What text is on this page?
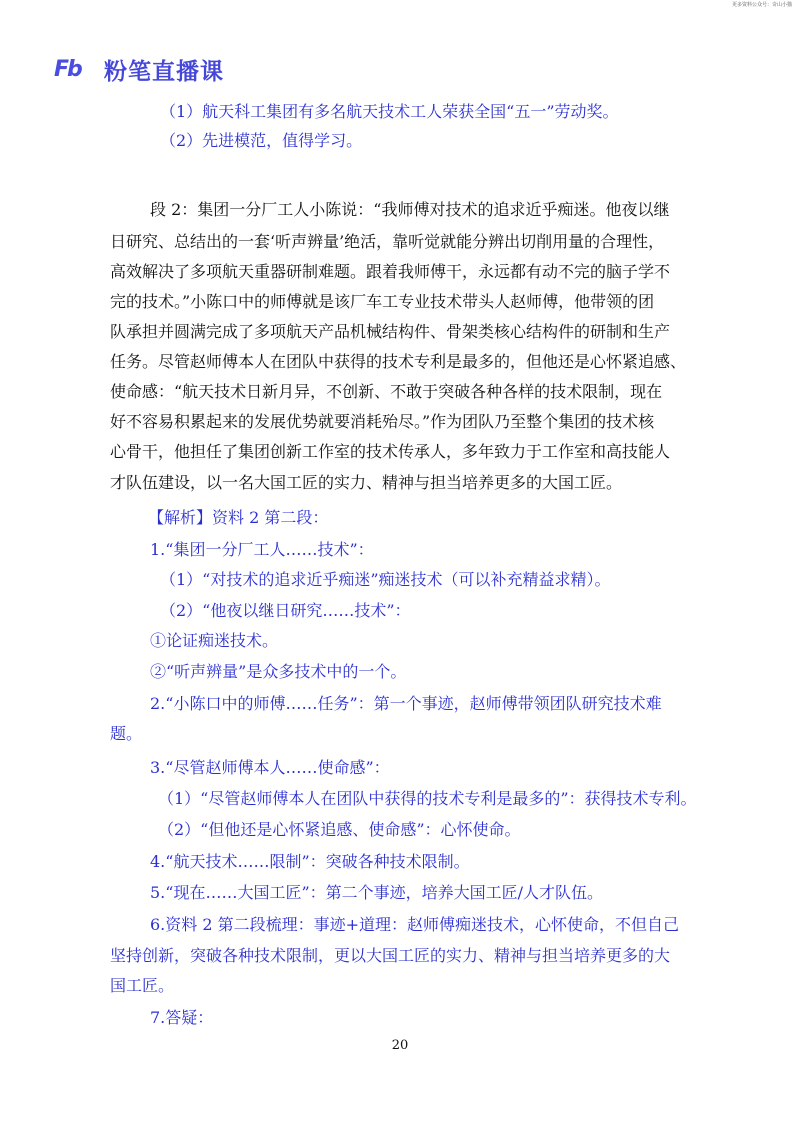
更多资料公众号：奇山小猫
Fb	粉笔直播课
（1）航天科工集团有多名航天技术工人荣获全国“五一”劳动奖。
（2）先进模范，值得学习。
段 2：集团一分厂工人小陈说：“我师傅对技术的追求近乎痴迷。他夜以继
日研究、总结出的一套‘听声辨量’绝活，靠听觉就能分辨出切削用量的合理性，
高效解决了多项航天重器研制难题。跟着我师傅干，永远都有动不完的脑子学不
完的技术。”小陈口中的师傅就是该厂车工专业技术带头人赵师傅，他带领的团
队承担并圆满完成了多项航天产品机械结构件、骨架类核心结构件的研制和生产
任务。尽管赵师傅本人在团队中获得的技术专利是最多的，但他还是心怀紧追感、
使命感：“航天技术日新月异，不创新、不敢于突破各种各样的技术限制，现在
好不容易积累起来的发展优势就要消耗殆尽。”作为团队乃至整个集团的技术核
心骨干，他担任了集团创新工作室的技术传承人，多年致力于工作室和高技能人
才队伍建设，以一名大国工匠的实力、精神与担当培养更多的大国工匠。
【解析】资料 2 第二段：
1.“集团一分厂工人……技术”：
（1）“对技术的追求近乎痴迷”痴迷技术（可以补充精益求精）。
（2）“他夜以继日研究……技术”：
①论证痴迷技术。
②“听声辨量”是众多技术中的一个。
2.“小陈口中的师傅……任务”：第一个事迹，赵师傅带领团队研究技术难
题。
3.“尽管赵师傅本人……使命感”：
（1）“尽管赵师傅本人在团队中获得的技术专利是最多的”：获得技术专利。
（2）“但他还是心怀紧追感、使命感”：心怀使命。
4.“航天技术……限制”：突破各种技术限制。
5.“现在……大国工匠”：第二个事迹，培养大国工匠/人才队伍。
6.资料 2 第二段梳理：事迹+道理：赵师傅痴迷技术，心怀使命，不但自己
坚持创新，突破各种技术限制，更以大国工匠的实力、精神与担当培养更多的大
国工匠。
7.答疑：
20
